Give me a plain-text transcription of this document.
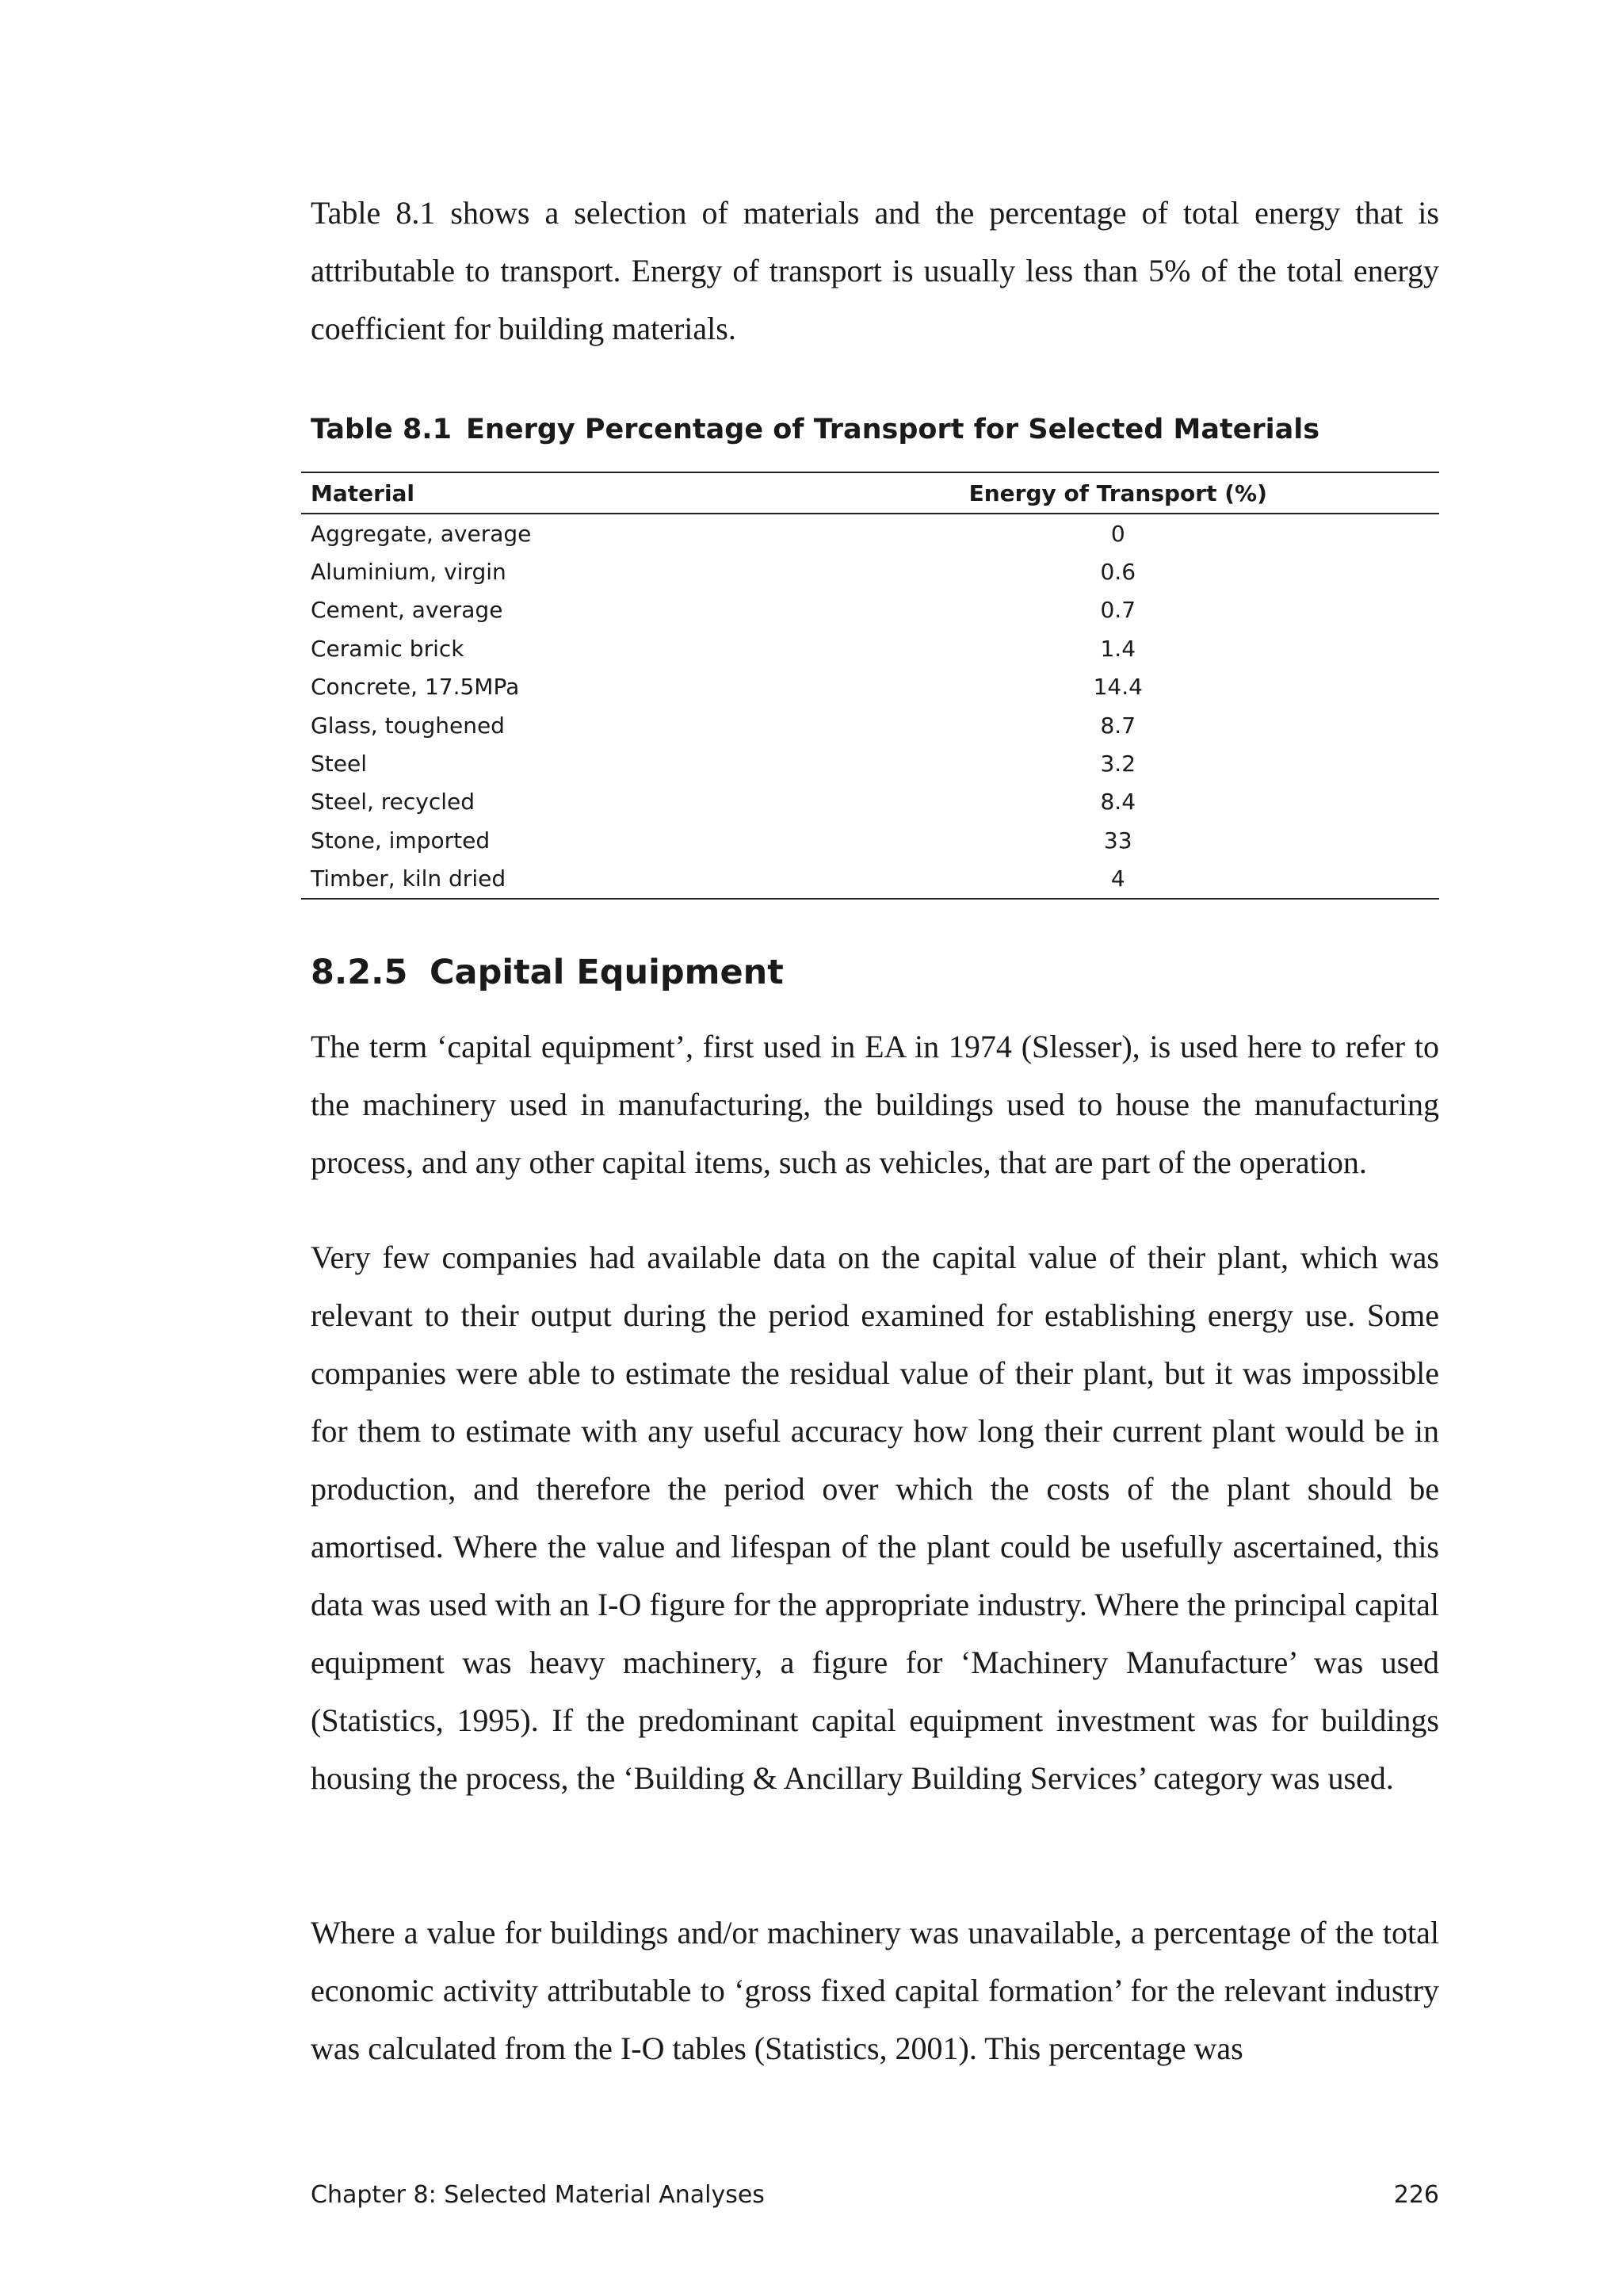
Table 8.1 shows a selection of materials and the percentage of total energy that is attributable to transport. Energy of transport is usually less than 5% of the total energy coefficient for building materials.

Table 8.1 Energy Percentage of Transport for Selected Materials
Material	Energy of Transport (%)
Aggregate, average	0
Aluminium, virgin	0.6
Cement, average	0.7
Ceramic brick	1.4
Concrete, 17.5MPa	14.4
Glass, toughened	8.7
Steel	3.2
Steel, recycled	8.4
Stone, imported	33
Timber, kiln dried	4
8.2.5 Capital Equipment

The term ‘capital equipment’, first used in EA in 1974 (Slesser), is used here to refer to the machinery used in manufacturing, the buildings used to house the manufacturing process, and any other capital items, such as vehicles, that are part of the operation.

Very few companies had available data on the capital value of their plant, which was relevant to their output during the period examined for establishing energy use. Some companies were able to estimate the residual value of their plant, but it was impossible for them to estimate with any useful accuracy how long their current plant would be in production, and therefore the period over which the costs of the plant should be amortised. Where the value and lifespan of the plant could be usefully ascertained, this data was used with an I-O figure for the appropriate industry. Where the principal capital equipment was heavy machinery, a figure for ‘Machinery Manufacture’ was used (Statistics, 1995). If the predominant capital equipment investment was for buildings housing the process, the ‘Building & Ancillary Building Services’ category was used.

Where a value for buildings and/or machinery was unavailable, a percentage of the total economic activity attributable to ‘gross fixed capital formation’ for the relevant industry was calculated from the I-O tables (Statistics, 2001). This percentage was

Chapter 8: Selected Material Analyses	226
